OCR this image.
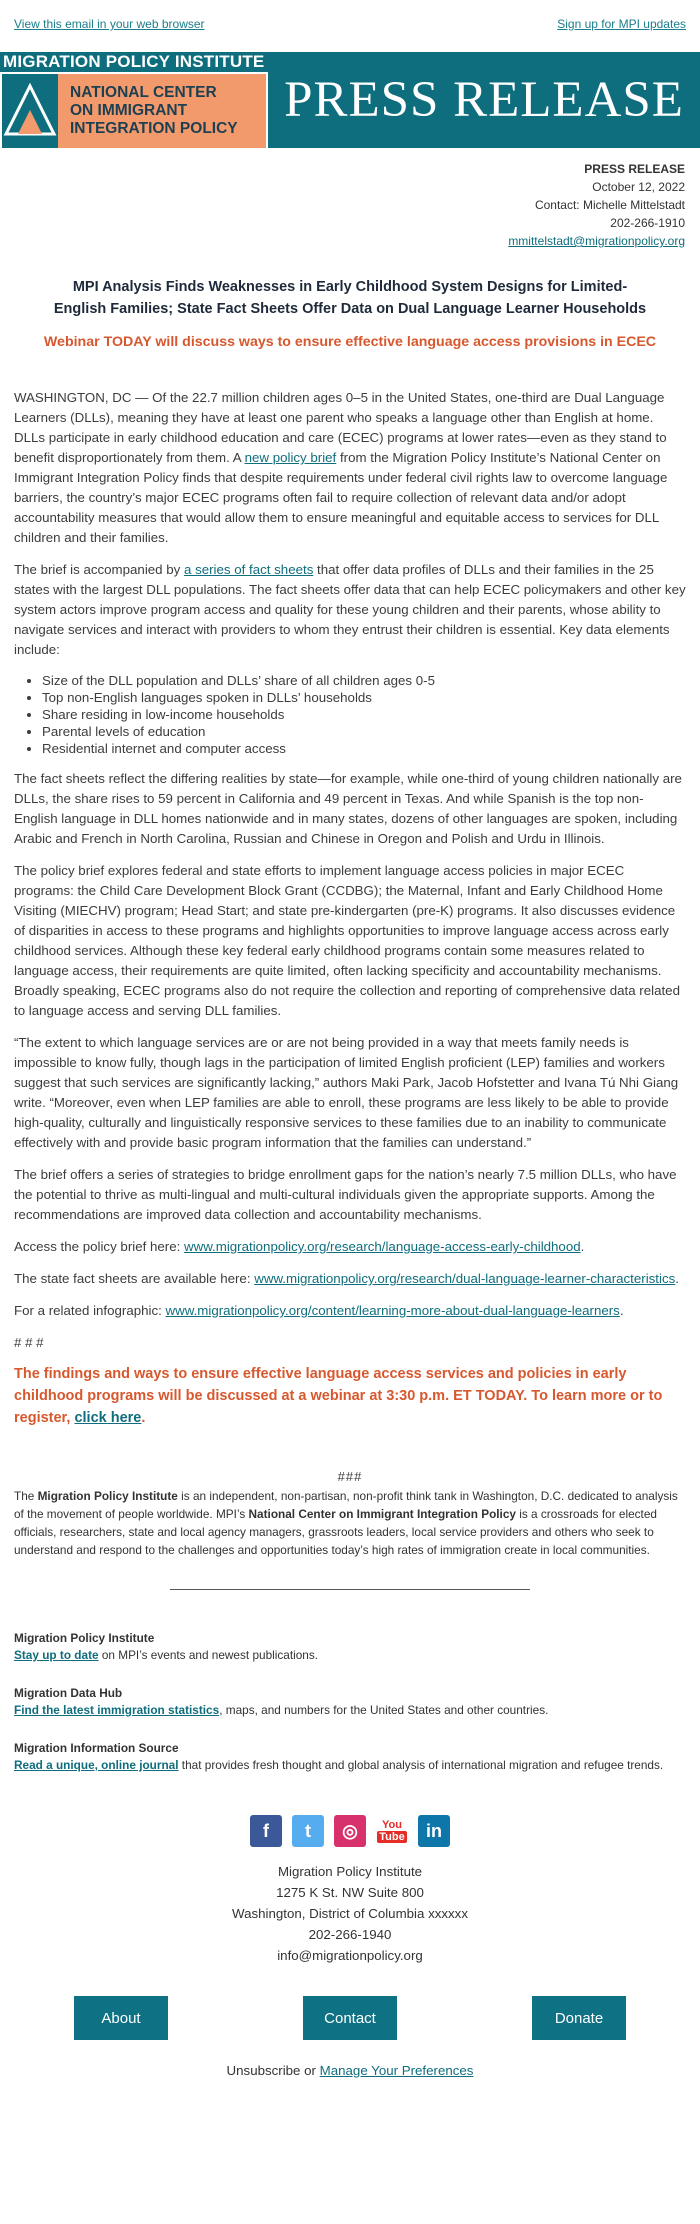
View this email in your web browser	Sign up for MPI updates
MIGRATION POLICY INSTITUTE
NATIONAL CENTER
ON IMMIGRANT
INTEGRATION POLICY
PRESS RELEASE
PRESS RELEASE
October 12, 2022
Contact: Michelle Mittelstadt
202-266-1910
mmittelstadt@migrationpolicy.org
MPI Analysis Finds Weaknesses in Early Childhood System Designs for Limited-English Families; State Fact Sheets Offer Data on Dual Language Learner Households
Webinar TODAY will discuss ways to ensure effective language access provisions in ECEC

WASHINGTON, DC — Of the 22.7 million children ages 0–5 in the United States, one-third are Dual Language Learners (DLLs), meaning they have at least one parent who speaks a language other than English at home. DLLs participate in early childhood education and care (ECEC) programs at lower rates—even as they stand to benefit disproportionately from them. A new policy brief from the Migration Policy Institute’s National Center on Immigrant Integration Policy finds that despite requirements under federal civil rights law to overcome language barriers, the country’s major ECEC programs often fail to require collection of relevant data and/or adopt accountability measures that would allow them to ensure meaningful and equitable access to services for DLL children and their families.

The brief is accompanied by a series of fact sheets that offer data profiles of DLLs and their families in the 25 states with the largest DLL populations. The fact sheets offer data that can help ECEC policymakers and other key system actors improve program access and quality for these young children and their parents, whose ability to navigate services and interact with providers to whom they entrust their children is essential. Key data elements include:

• Size of the DLL population and DLLs’ share of all children ages 0-5
• Top non-English languages spoken in DLLs’ households
• Share residing in low-income households
• Parental levels of education
• Residential internet and computer access

The fact sheets reflect the differing realities by state—for example, while one-third of young children nationally are DLLs, the share rises to 59 percent in California and 49 percent in Texas. And while Spanish is the top non-English language in DLL homes nationwide and in many states, dozens of other languages are spoken, including Arabic and French in North Carolina, Russian and Chinese in Oregon and Polish and Urdu in Illinois.

The policy brief explores federal and state efforts to implement language access policies in major ECEC programs: the Child Care Development Block Grant (CCDBG); the Maternal, Infant and Early Childhood Home Visiting (MIECHV) program; Head Start; and state pre-kindergarten (pre-K) programs. It also discusses evidence of disparities in access to these programs and highlights opportunities to improve language access across early childhood services. Although these key federal early childhood programs contain some measures related to language access, their requirements are quite limited, often lacking specificity and accountability mechanisms. Broadly speaking, ECEC programs also do not require the collection and reporting of comprehensive data related to language access and serving DLL families.

“The extent to which language services are or are not being provided in a way that meets family needs is impossible to know fully, though lags in the participation of limited English proficient (LEP) families and workers suggest that such services are significantly lacking,” authors Maki Park, Jacob Hofstetter and Ivana Tú Nhi Giang write. “Moreover, even when LEP families are able to enroll, these programs are less likely to be able to provide high-quality, culturally and linguistically responsive services to these families due to an inability to communicate effectively with and provide basic program information that the families can understand.”

The brief offers a series of strategies to bridge enrollment gaps for the nation’s nearly 7.5 million DLLs, who have the potential to thrive as multi-lingual and multi-cultural individuals given the appropriate supports. Among the recommendations are improved data collection and accountability mechanisms.

Access the policy brief here: www.migrationpolicy.org/research/language-access-early-childhood.

The state fact sheets are available here: www.migrationpolicy.org/research/dual-language-learner-characteristics.

For a related infographic: www.migrationpolicy.org/content/learning-more-about-dual-language-learners.

# # #

The findings and ways to ensure effective language access services and policies in early childhood programs will be discussed at a webinar at 3:30 p.m. ET TODAY. To learn more or to register, click here.

###

The Migration Policy Institute is an independent, non-partisan, non-profit think tank in Washington, D.C. dedicated to analysis of the movement of people worldwide. MPI’s National Center on Immigrant Integration Policy is a crossroads for elected officials, researchers, state and local agency managers, grassroots leaders, local service providers and others who seek to understand and respond to the challenges and opportunities today’s high rates of immigration create in local communities.

Migration Policy Institute
Stay up to date on MPI’s events and newest publications.
Migration Data Hub
Find the latest immigration statistics, maps, and numbers for the United States and other countries.
Migration Information Source
Read a unique, online journal that provides fresh thought and global analysis of international migration and refugee trends.
f	t	◎	You
Tube	in
Migration Policy Institute
1275 K St. NW Suite 800
Washington, District of Columbia xxxxxx
202-266-1940
info@migrationpolicy.org
About	Contact	Donate
Unsubscribe or Manage Your Preferences
